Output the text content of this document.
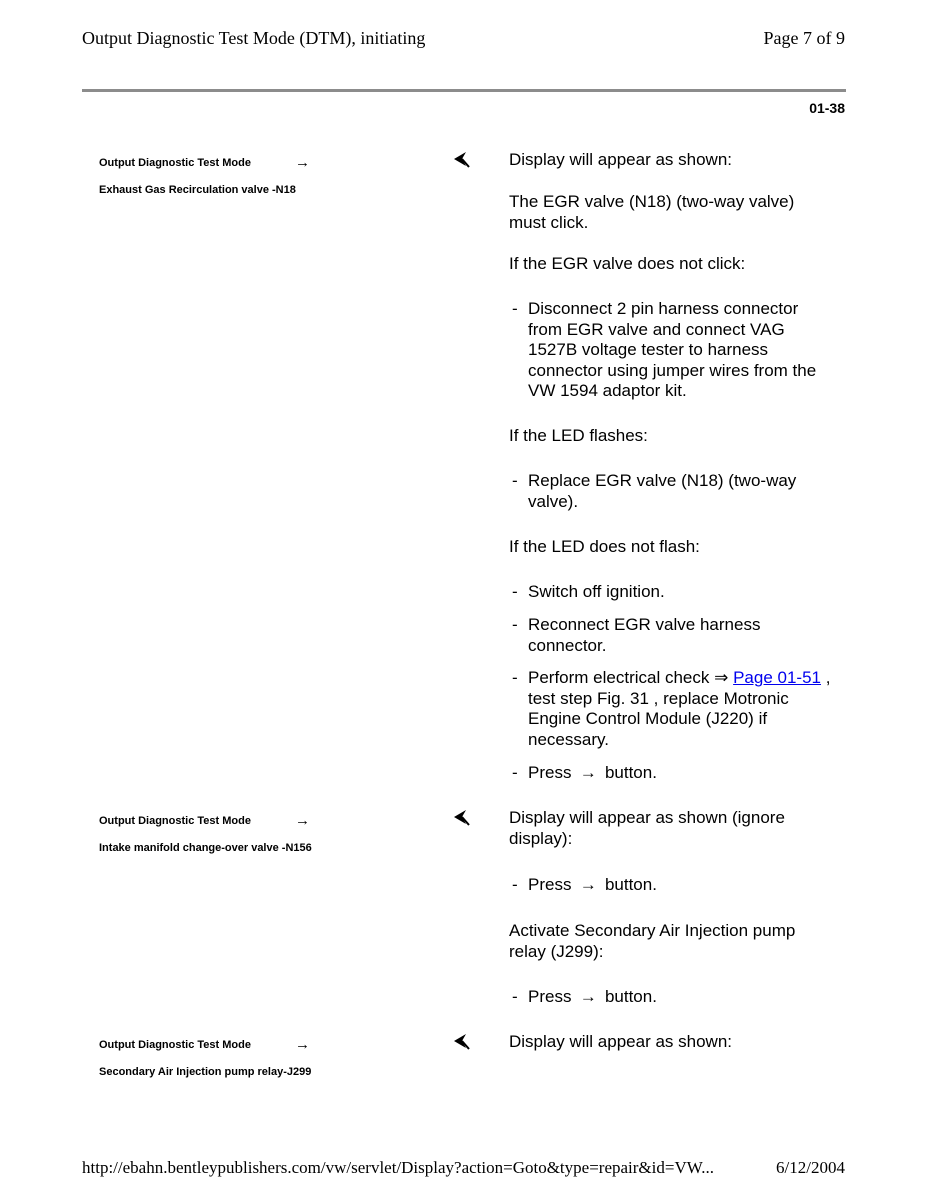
Output Diagnostic Test Mode (DTM), initiating	Page 7 of 9
01-38
Output Diagnostic Test Mode	→
Exhaust Gas Recirculation valve -N18
Display will appear as shown:
The EGR valve (N18) (two-way valve) must click.
If the EGR valve does not click:
- Disconnect 2 pin harness connector from EGR valve and connect VAG 1527B voltage tester to harness connector using jumper wires from the VW 1594 adaptor kit.
If the LED flashes:
- Replace EGR valve (N18) (two-way valve).
If the LED does not flash:
- Switch off ignition.
- Reconnect EGR valve harness connector.
- Perform electrical check ⇒ Page 01-51 , test step Fig. 31 , replace Motronic Engine Control Module (J220) if necessary.
- Press → button.
Output Diagnostic Test Mode	→
Intake manifold change-over valve -N156
Display will appear as shown (ignore display):
- Press → button.
Activate Secondary Air Injection pump relay (J299):
- Press → button.
Output Diagnostic Test Mode	→
Secondary Air Injection pump relay-J299
Display will appear as shown:
http://ebahn.bentleypublishers.com/vw/servlet/Display?action=Goto&type=repair&id=VW...	6/12/2004
